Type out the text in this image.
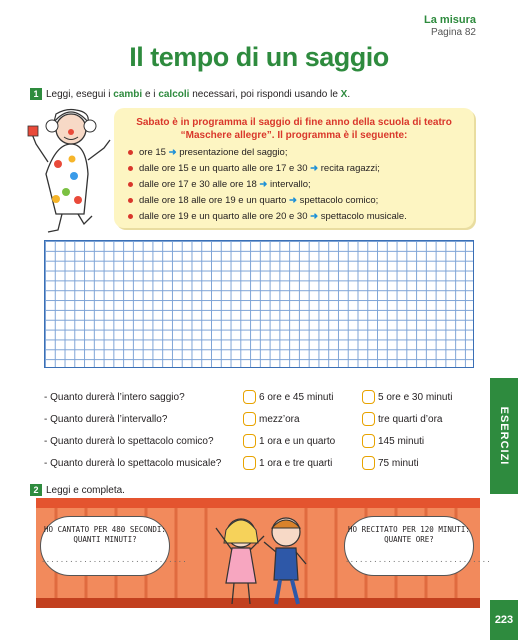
La misura
Pagina 82
Il tempo di un saggio
1 Leggi, esegui i cambi e i calcoli necessari, poi rispondi usando le X.
Sabato è in programma il saggio di fine anno della scuola di teatro
“Maschere allegre”. Il programma è il seguente:
ore 15 ➜ presentazione del saggio;
dalle ore 15 e un quarto alle ore 17 e 30 ➜ recita ragazzi;
dalle ore 17 e 30 alle ore 18 ➜ intervallo;
dalle ore 18 alle ore 19 e un quarto ➜ spettacolo comico;
dalle ore 19 e un quarto alle ore 20 e 30 ➜ spettacolo musicale.
- Quanto durerà l’intero saggio?	6 ore e 45 minuti	5 ore e 30 minuti
- Quanto durerà l’intervallo?	mezz’ora	tre quarti d’ora
- Quanto durerà lo spettacolo comico?	1 ora e un quarto	145 minuti
- Quanto durerà lo spettacolo musicale?	1 ora e tre quarti	75 minuti	ESERCIZI
2 Leggi e completa.
HO CANTATO PER 480 SECONDI:
QUANTI MINUTI?
...............................
HO RECITATO PER 120 MINUTI:
QUANTE ORE?
...............................
223
